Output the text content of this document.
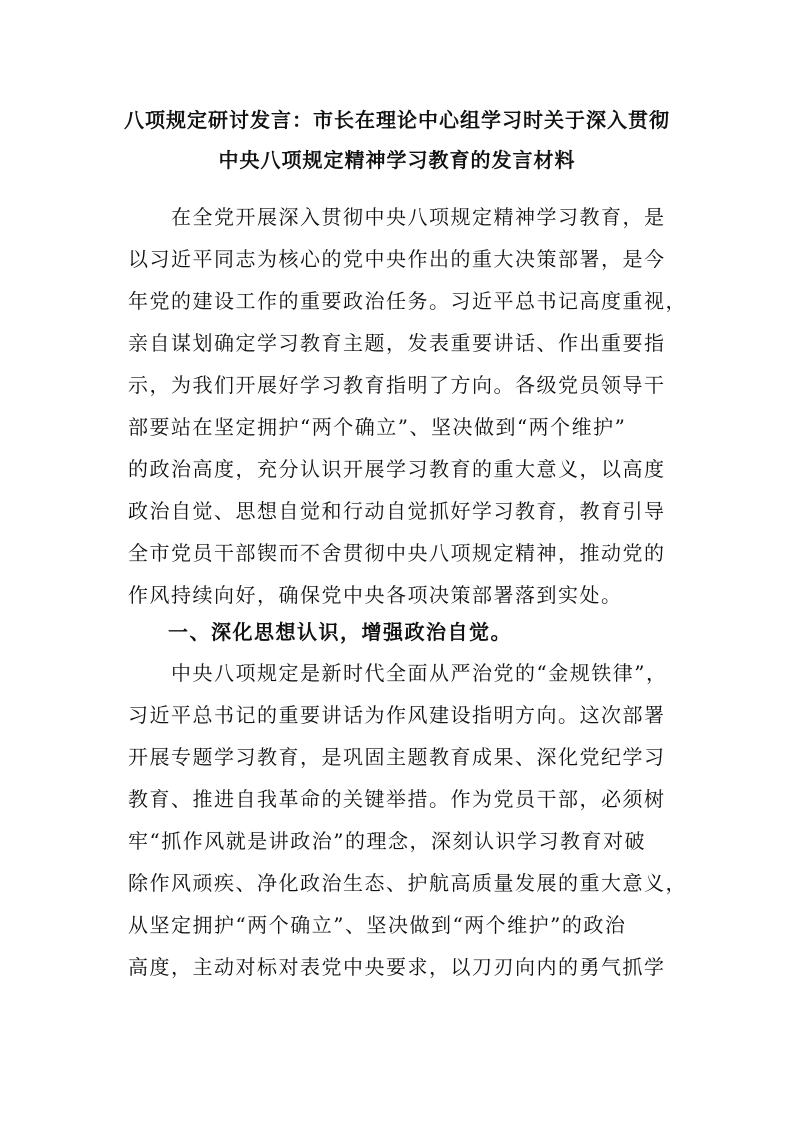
八项规定研讨发言：市长在理论中心组学习时关于深入贯彻
中央八项规定精神学习教育的发言材料
　　在全党开展深入贯彻中央八项规定精神学习教育，是
以习近平同志为核心的党中央作出的重大决策部署，是今
年党的建设工作的重要政治任务。习近平总书记高度重视，
亲自谋划确定学习教育主题，发表重要讲话、作出重要指
示，为我们开展好学习教育指明了方向。各级党员领导干
部要站在坚定拥护“两个确立”、坚决做到“两个维护”
的政治高度，充分认识开展学习教育的重大意义，以高度
政治自觉、思想自觉和行动自觉抓好学习教育，教育引导
全市党员干部锲而不舍贯彻中央八项规定精神，推动党的
作风持续向好，确保党中央各项决策部署落到实处。
一、深化思想认识，增强政治自觉。
　　中央八项规定是新时代全面从严治党的“金规铁律”，
习近平总书记的重要讲话为作风建设指明方向。这次部署
开展专题学习教育，是巩固主题教育成果、深化党纪学习
教育、推进自我革命的关键举措。作为党员干部，必须树
牢“抓作风就是讲政治”的理念，深刻认识学习教育对破
除作风顽疾、净化政治生态、护航高质量发展的重大意义，
从坚定拥护“两个确立”、坚决做到“两个维护”的政治
高度，主动对标对表党中央要求，以刀刃向内的勇气抓学
